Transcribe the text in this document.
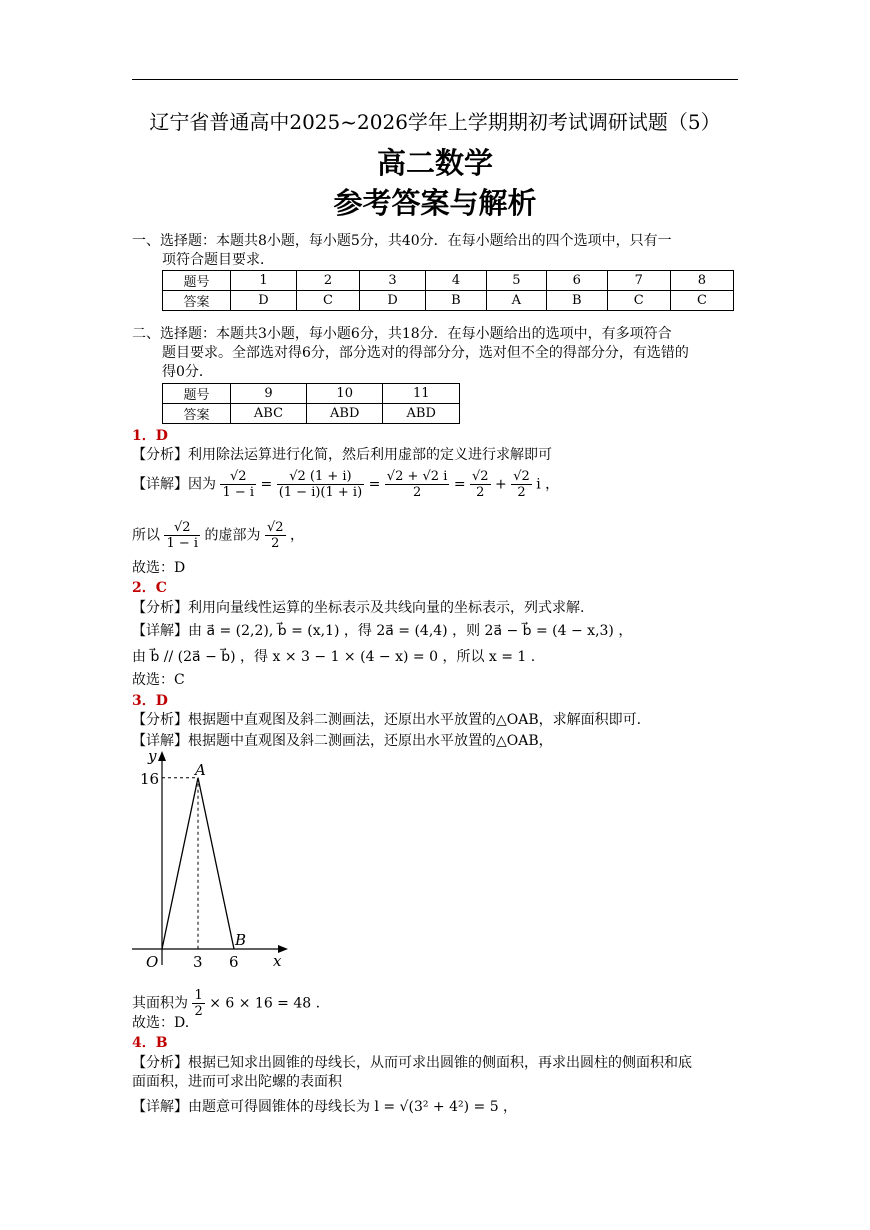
辽宁省普通高中2025~2026学年上学期期初考试调研试题（5）
高二数学
参考答案与解析
一、选择题：本题共8小题，每小题5分，共40分．在每小题给出的四个选项中，只有一
项符合题目要求．
题号	1	2	3	4	5	6	7	8
答案	D	C	D	B	A	B	C	C
二、选择题：本题共3小题，每小题6分，共18分．在每小题给出的选项中，有多项符合
题目要求。全部选对得6分，部分选对的得部分分，选对但不全的得部分分，有选错的
得0分．
题号	9	10	11
答案	ABC	ABD	ABD
1．D
【分析】利用除法运算进行化简，然后利用虚部的定义进行求解即可
【详解】因为 $\frac{√2}{1 - i} = \frac{√2 (1 + i)}{(1 - i)(1 + i)} = \frac{√2 + √2 i}{2} = \frac{√2}{2} + \frac{√2}{2}$ i ，
所以 $\frac{√2}{1 - i}$ 的虚部为 $\frac{√2}{2}$ ，
故选：D
2．C
【分析】利用向量线性运算的坐标表示及共线向量的坐标表示，列式求解.
【详解】由 a⃗ = (2,2), b⃗ = (x,1) ，得 2a⃗ = (4,4) ，则 2a⃗ − b⃗ = (4 − x,3) ，
由 b⃗ // (2a⃗ − b⃗) ，得 x × 3 − 1 × (4 − x) = 0 ，所以 x = 1 .
故选：C
3．D
【分析】根据题中直观图及斜二测画法，还原出水平放置的△OAB，求解面积即可.
【详解】根据题中直观图及斜二测画法，还原出水平放置的△OAB，
y
x
O
A
B
16
3 6
其面积为 $\frac{1}{2} \times 6 \times 16 = 48$ .
故选：D.
4．B
【分析】根据已知求出圆锥的母线长，从而可求出圆锥的侧面积，再求出圆柱的侧面积和底
面面积，进而可求出陀螺的表面积
【详解】由题意可得圆锥体的母线长为 l = √(3² + 4²) = 5 ，
